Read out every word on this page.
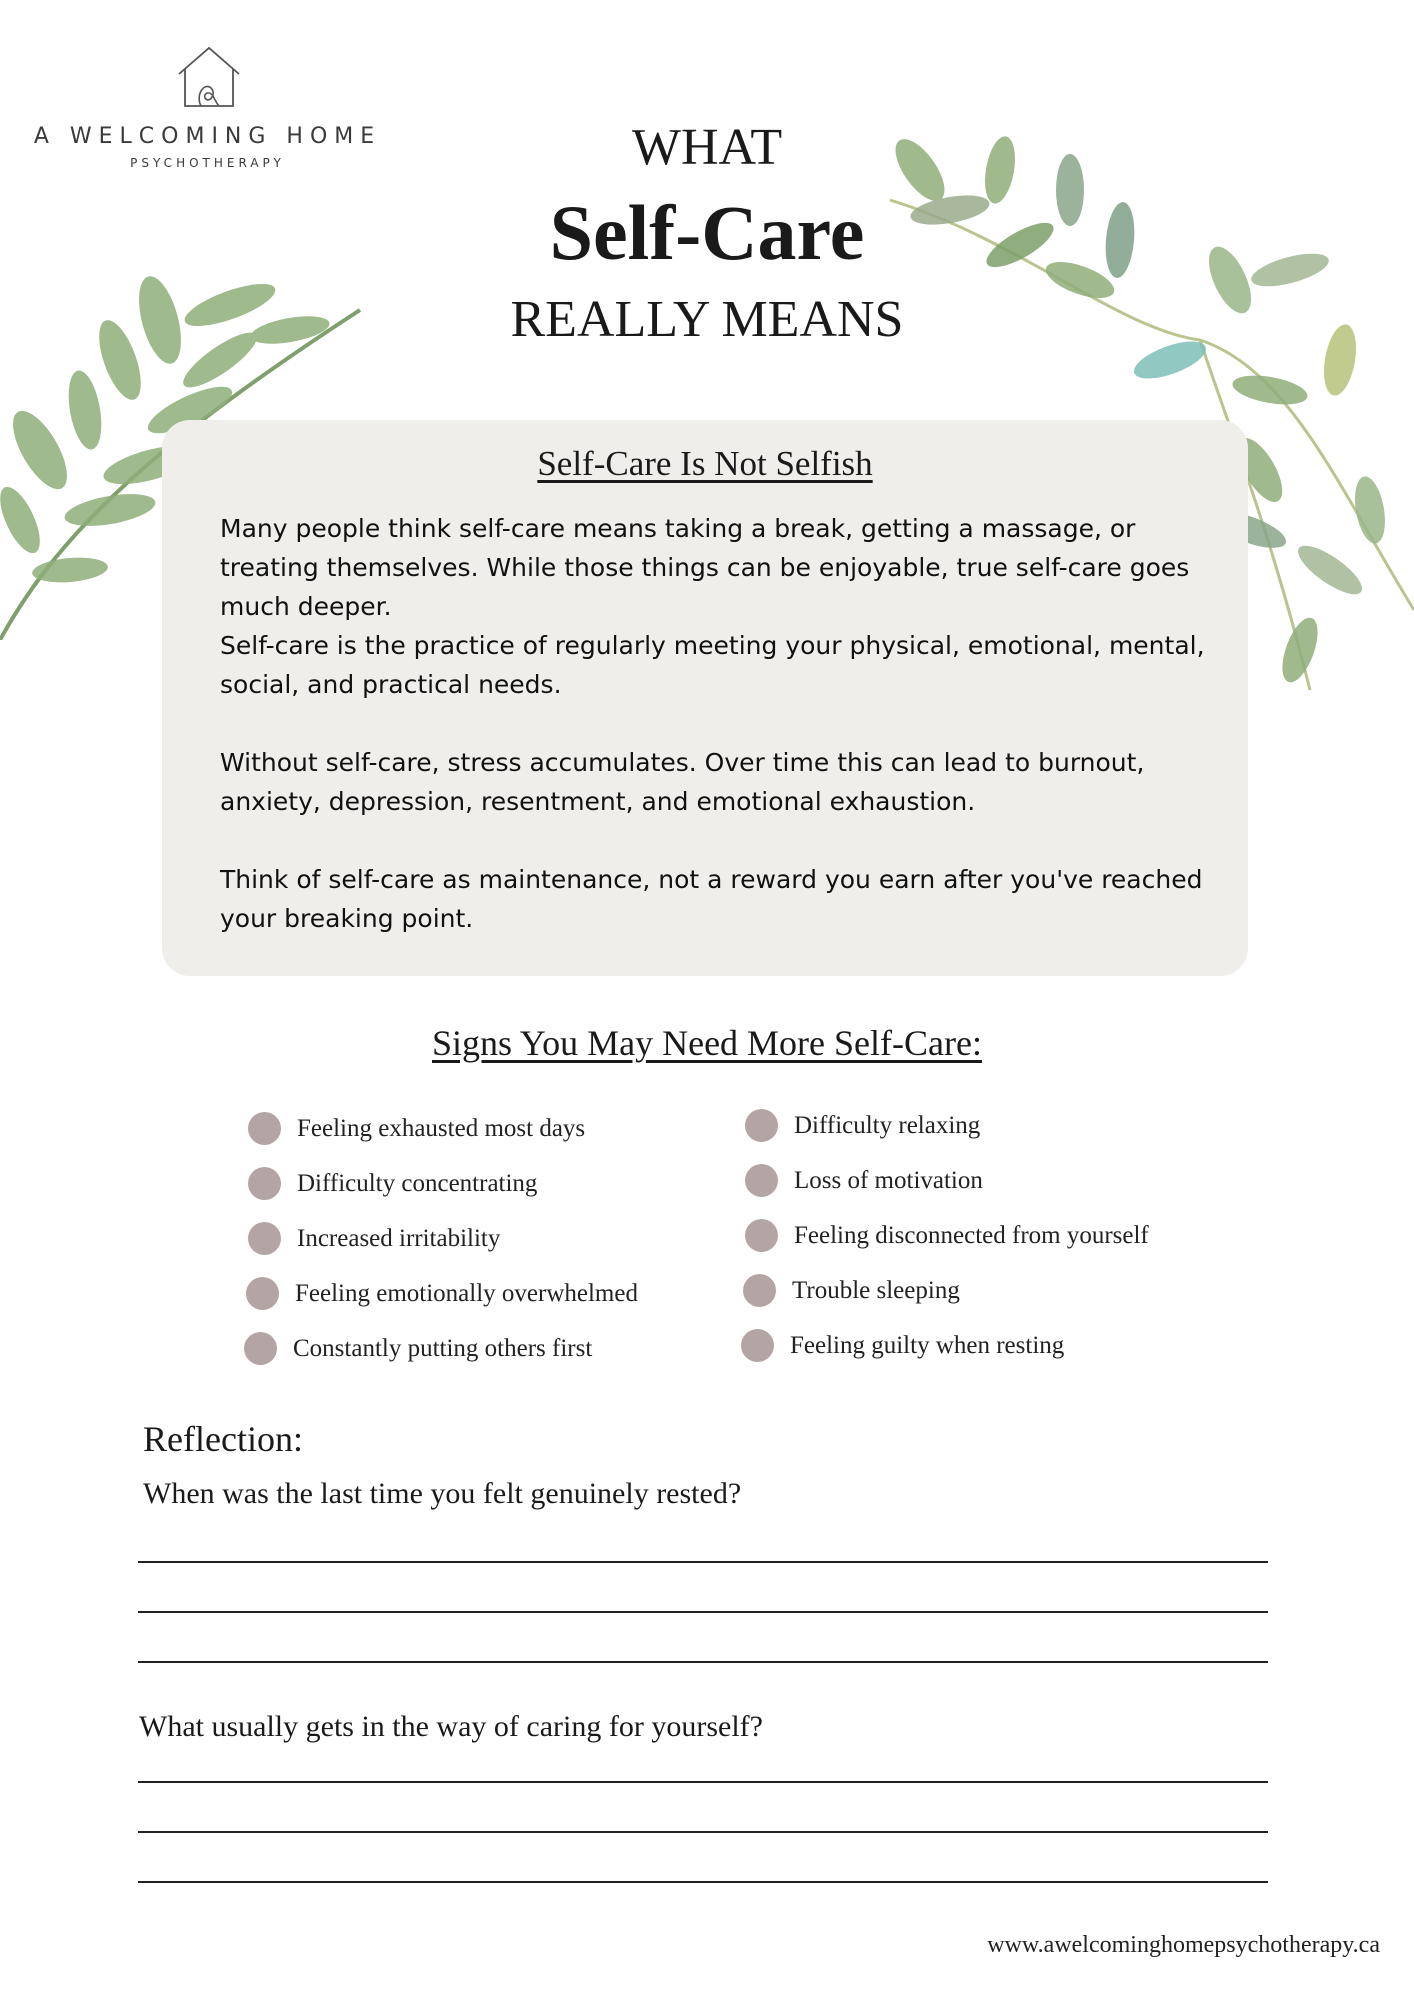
A WELCOMING HOME
PSYCHOTHERAPY	WHAT
Self-Care
REALLY MEANS
Self-Care Is Not Selfish
Many people think self-care means taking a break, getting a massage, or treating themselves. While those things can be enjoyable, true self-care goes much deeper.
Self-care is the practice of regularly meeting your physical, emotional, mental, social, and practical needs.
Without self-care, stress accumulates. Over time this can lead to burnout, anxiety, depression, resentment, and emotional exhaustion.
Think of self-care as maintenance, not a reward you earn after you've reached your breaking point.
Signs You May Need More Self-Care:
Feeling exhausted most days
Difficulty concentrating
Increased irritability
Feeling emotionally overwhelmed
Constantly putting others first
Difficulty relaxing
Loss of motivation
Feeling disconnected from yourself
Trouble sleeping
Feeling guilty when resting
Reflection:
When was the last time you felt genuinely rested?
What usually gets in the way of caring for yourself?
www.awelcominghomepsychotherapy.ca
